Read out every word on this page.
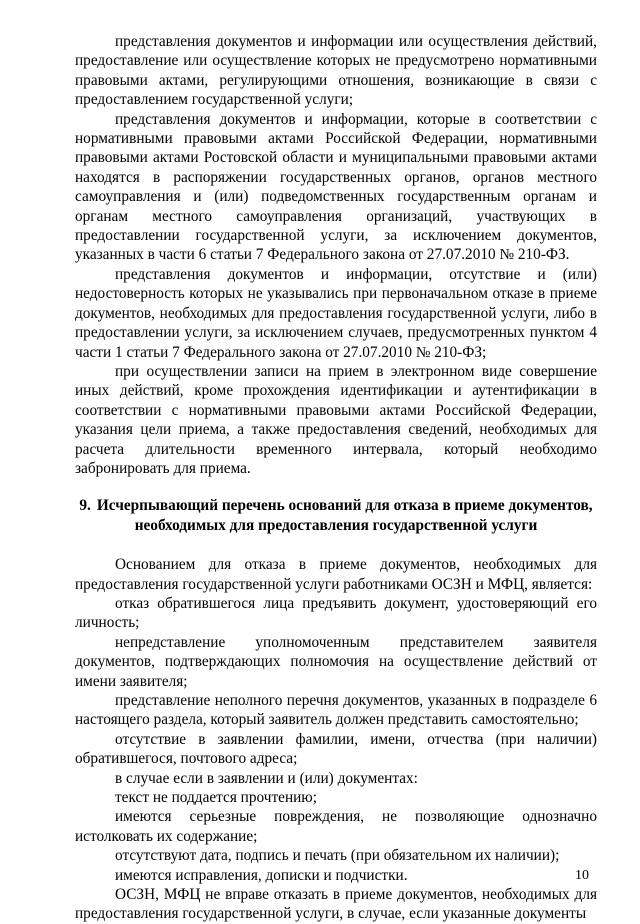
представления документов и информации или осуществления действий, предоставление или осуществление которых не предусмотрено нормативными правовыми актами, регулирующими отношения, возникающие в связи с предоставлением государственной услуги;

представления документов и информации, которые в соответствии с нормативными правовыми актами Российской Федерации, нормативными правовыми актами Ростовской области и муниципальными правовыми актами находятся в распоряжении государственных органов, органов местного самоуправления и (или) подведомственных государственным органам и органам местного самоуправления организаций, участвующих в предоставлении государственной услуги, за исключением документов, указанных в части 6 статьи 7 Федерального закона от 27.07.2010 № 210-ФЗ.

представления документов и информации, отсутствие и (или) недостоверность которых не указывались при первоначальном отказе в приеме документов, необходимых для предоставления государственной услуги, либо в предоставлении услуги, за исключением случаев, предусмотренных пунктом 4 части 1 статьи 7 Федерального закона от 27.07.2010 № 210-ФЗ;

при осуществлении записи на прием в электронном виде совершение иных действий, кроме прохождения идентификации и аутентификации в соответствии с нормативными правовыми актами Российской Федерации, указания цели приема, а также предоставления сведений, необходимых для расчета длительности временного интервала, который необходимо забронировать для приема.

9. Исчерпывающий перечень оснований для отказа в приеме документов, необходимых для предоставления государственной услуги

Основанием для отказа в приеме документов, необходимых для предоставления государственной услуги работниками ОСЗН и МФЦ, является:

отказ обратившегося лица предъявить документ, удостоверяющий его личность;

непредставление уполномоченным представителем заявителя документов, подтверждающих полномочия на осуществление действий от имени заявителя;

представление неполного перечня документов, указанных в подразделе 6 настоящего раздела, который заявитель должен представить самостоятельно;

отсутствие в заявлении фамилии, имени, отчества (при наличии) обратившегося, почтового адреса;

в случае если в заявлении и (или) документах:

текст не поддается прочтению;

имеются серьезные повреждения, не позволяющие однозначно истолковать их содержание;

отсутствуют дата, подпись и печать (при обязательном их наличии);

имеются исправления, дописки и подчистки.

ОСЗН, МФЦ не вправе отказать в приеме документов, необходимых для предоставления государственной услуги, в случае, если указанные документы

10
